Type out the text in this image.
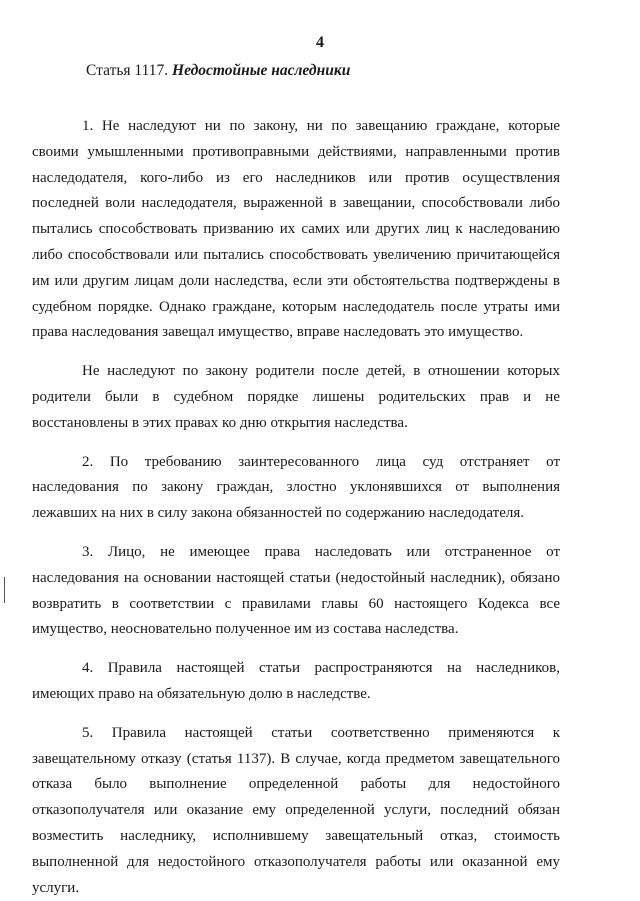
4
Статья 1117. Недостойные наследники

1. Не наследуют ни по закону, ни по завещанию граждане, которые своими умышленными противоправными действиями, направленными против наследодателя, кого-либо из его наследников или против осуществления последней воли наследодателя, выраженной в завещании, способствовали либо пытались способствовать призванию их самих или других лиц к наследованию либо способствовали или пытались способствовать увеличению причитающейся им или другим лицам доли наследства, если эти обстоятельства подтверждены в судебном порядке. Однако граждане, которым наследодатель после утраты ими права наследования завещал имущество, вправе наследовать это имущество.

Не наследуют по закону родители после детей, в отношении которых родители были в судебном порядке лишены родительских прав и не восстановлены в этих правах ко дню открытия наследства.

2. По требованию заинтересованного лица суд отстраняет от наследования по закону граждан, злостно уклонявшихся от выполнения лежавших на них в силу закона обязанностей по содержанию наследодателя.

3. Лицо, не имеющее права наследовать или отстраненное от наследования на основании настоящей статьи (недостойный наследник), обязано возвратить в соответствии с правилами главы 60 настоящего Кодекса все имущество, неосновательно полученное им из состава наследства.

4. Правила настоящей статьи распространяются на наследников, имеющих право на обязательную долю в наследстве.

5. Правила настоящей статьи соответственно применяются к завещательному отказу (статья 1137). В случае, когда предметом завещательного отказа было выполнение определенной работы для недостойного отказополучателя или оказание ему определенной услуги, последний обязан возместить наследнику, исполнившему завещательный отказ, стоимость выполненной для недостойного отказополучателя работы или оказанной ему услуги.
